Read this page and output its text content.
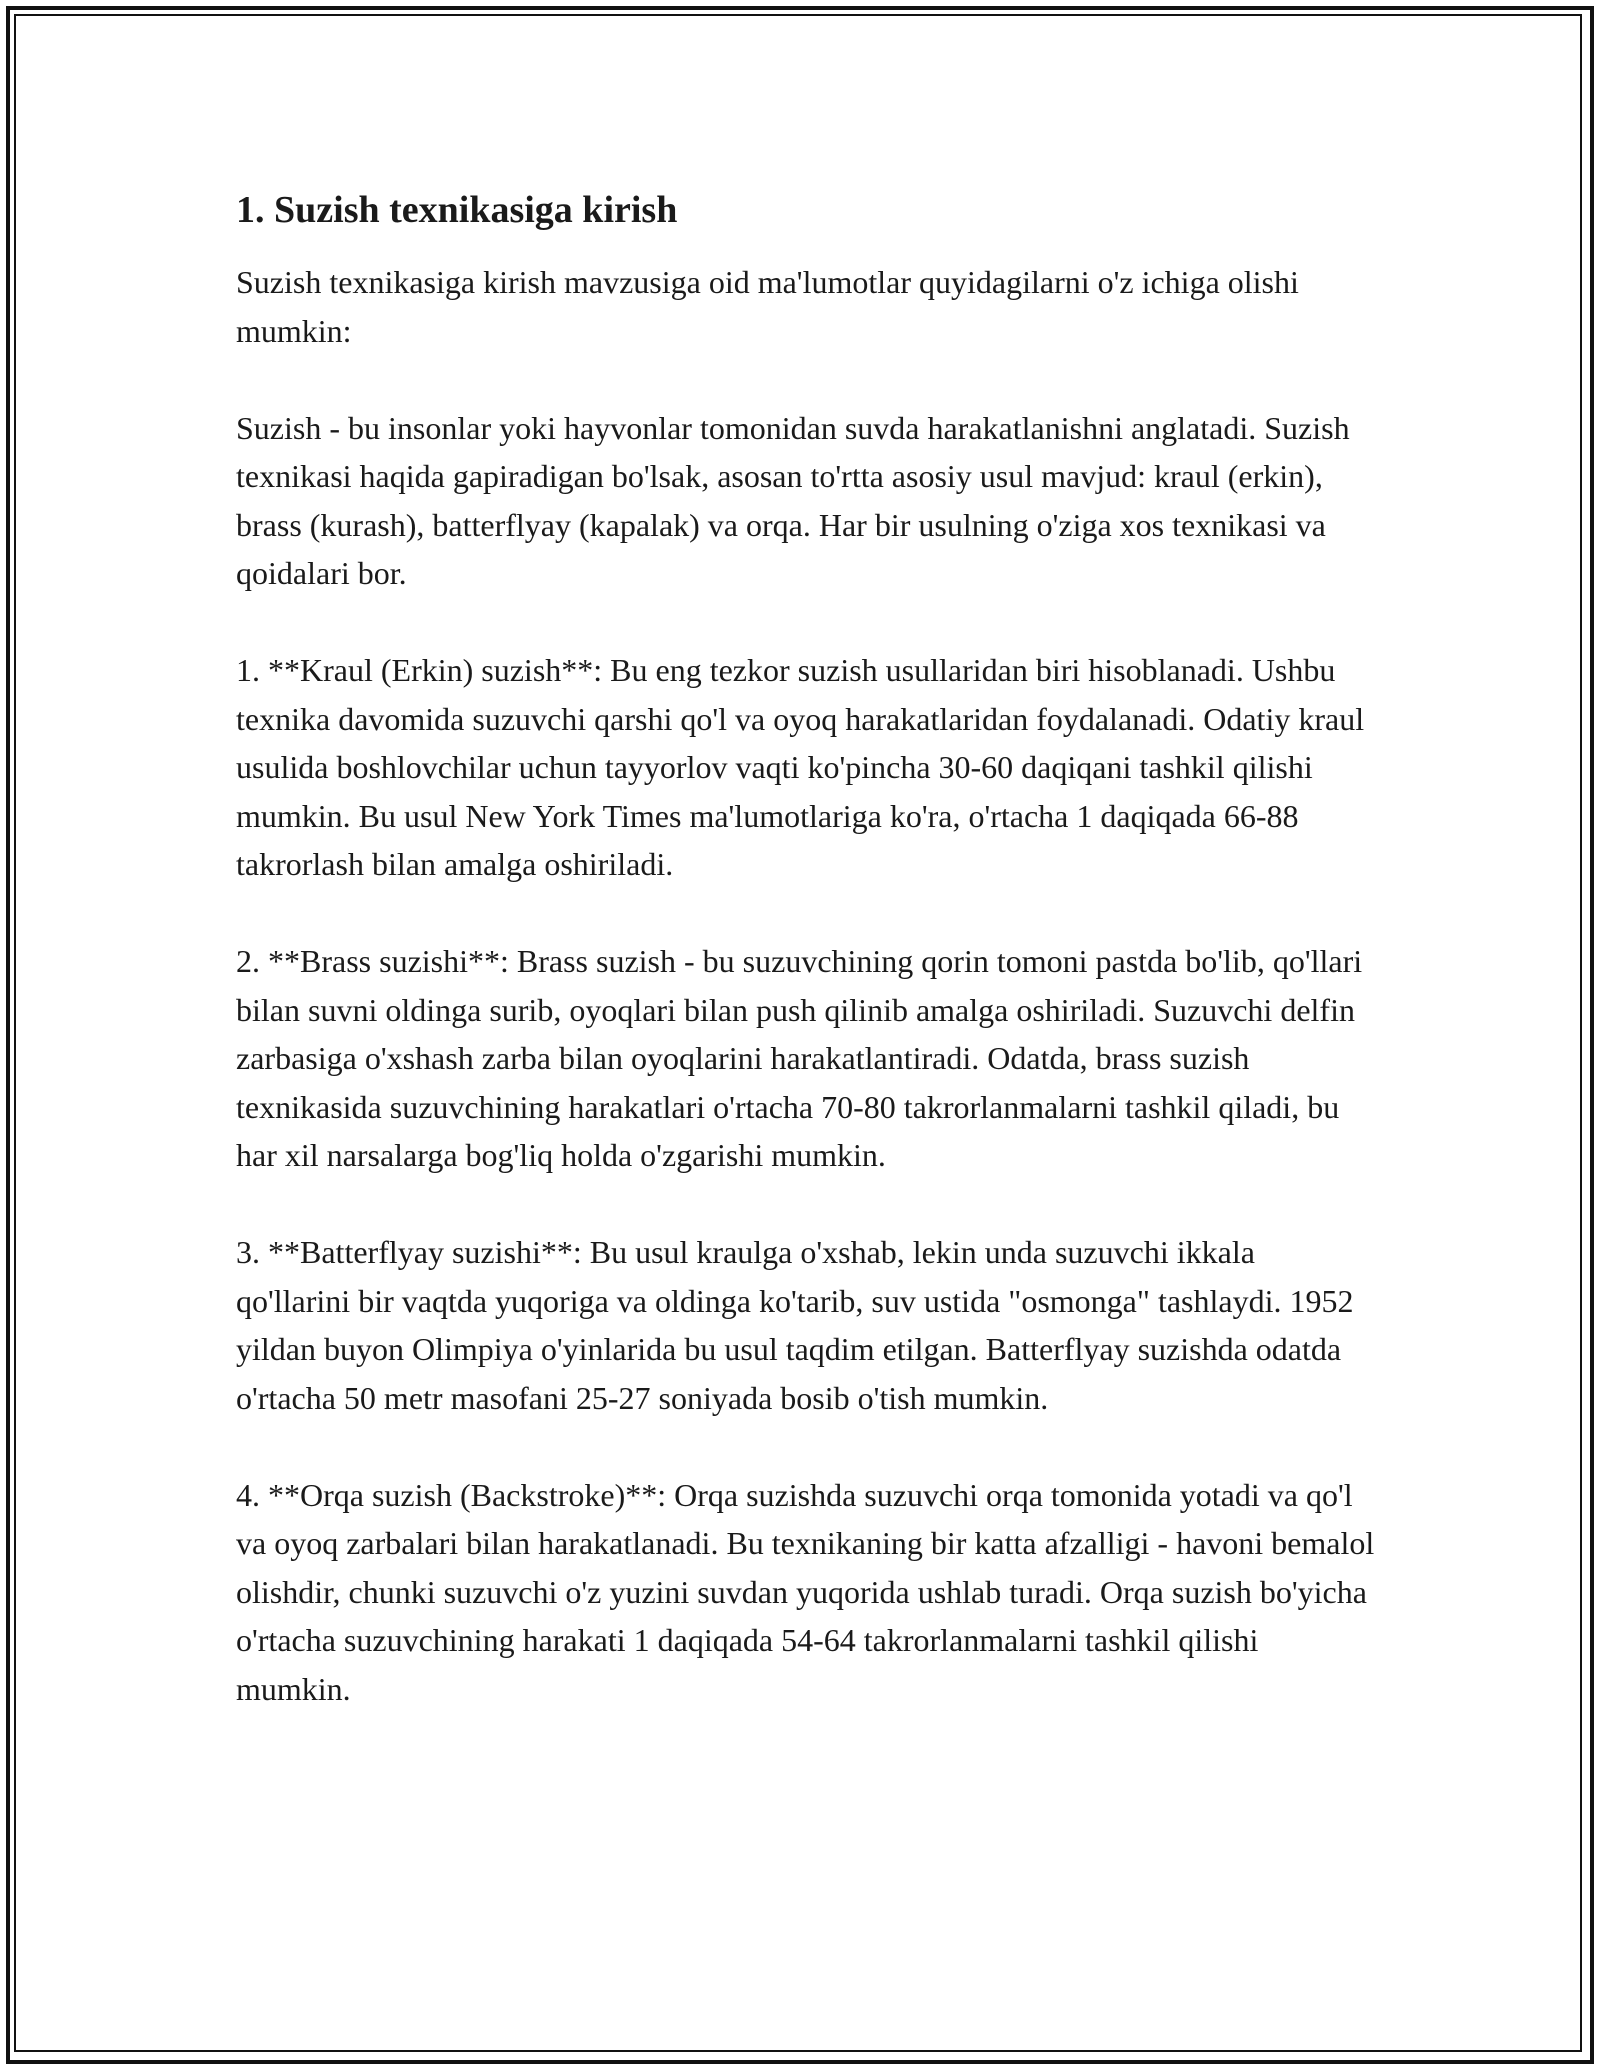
1. Suzish texnikasiga kirish

Suzish texnikasiga kirish mavzusiga oid ma'lumotlar quyidagilarni o'z ichiga olishi mumkin:

Suzish - bu insonlar yoki hayvonlar tomonidan suvda harakatlanishni anglatadi. Suzish texnikasi haqida gapiradigan bo'lsak, asosan to'rtta asosiy usul mavjud: kraul (erkin), brass (kurash), batterflyay (kapalak) va orqa. Har bir usulning o'ziga xos texnikasi va qoidalari bor.

1. **Kraul (Erkin) suzish**: Bu eng tezkor suzish usullaridan biri hisoblanadi. Ushbu texnika davomida suzuvchi qarshi qo'l va oyoq harakatlaridan foydalanadi. Odatiy kraul usulida boshlovchilar uchun tayyorlov vaqti ko'pincha 30-60 daqiqani tashkil qilishi mumkin. Bu usul New York Times ma'lumotlariga ko'ra, o'rtacha 1 daqiqada 66-88 takrorlash bilan amalga oshiriladi.

2. **Brass suzishi**: Brass suzish - bu suzuvchining qorin tomoni pastda bo'lib, qo'llari bilan suvni oldinga surib, oyoqlari bilan push qilinib amalga oshiriladi. Suzuvchi delfin zarbasiga o'xshash zarba bilan oyoqlarini harakatlantiradi. Odatda, brass suzish texnikasida suzuvchining harakatlari o'rtacha 70-80 takrorlanmalarni tashkil qiladi, bu har xil narsalarga bog'liq holda o'zgarishi mumkin.

3. **Batterflyay suzishi**: Bu usul kraulga o'xshab, lekin unda suzuvchi ikkala qo'llarini bir vaqtda yuqoriga va oldinga ko'tarib, suv ustida "osmonga" tashlaydi. 1952 yildan buyon Olimpiya o'yinlarida bu usul taqdim etilgan. Batterflyay suzishda odatda o'rtacha 50 metr masofani 25-27 soniyada bosib o'tish mumkin.

4. **Orqa suzish (Backstroke)**: Orqa suzishda suzuvchi orqa tomonida yotadi va qo'l va oyoq zarbalari bilan harakatlanadi. Bu texnikaning bir katta afzalligi - havoni bemalol olishdir, chunki suzuvchi o'z yuzini suvdan yuqorida ushlab turadi. Orqa suzish bo'yicha o'rtacha suzuvchining harakati 1 daqiqada 54-64 takrorlanmalarni tashkil qilishi mumkin.
